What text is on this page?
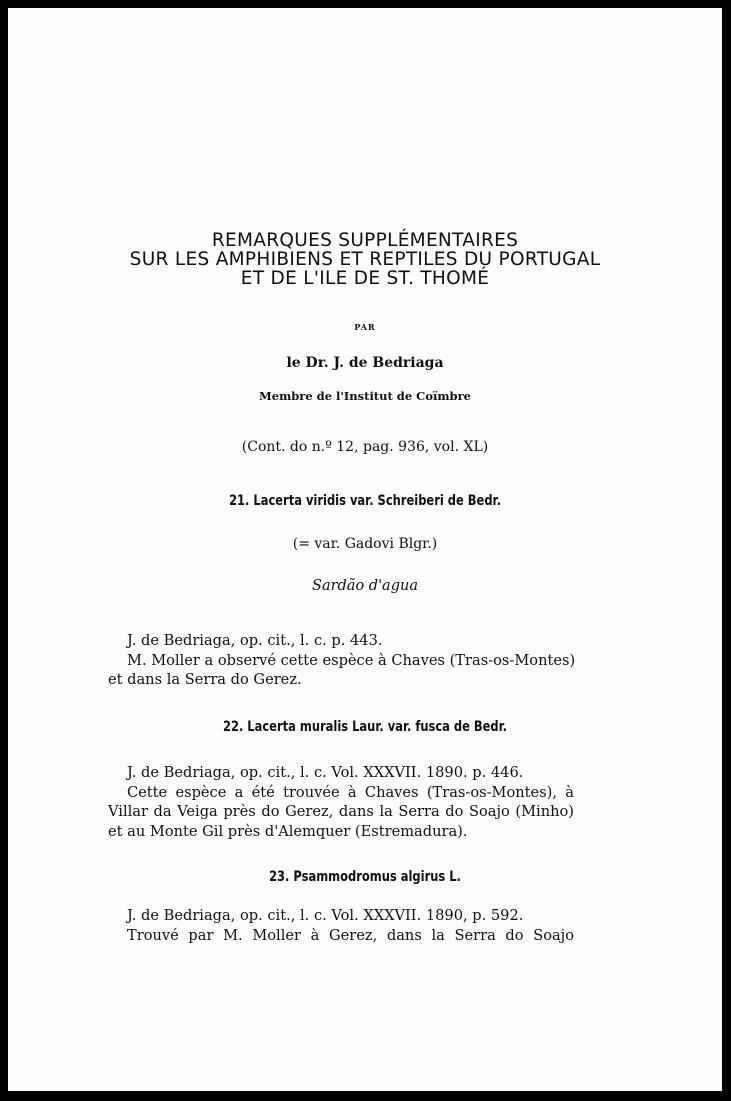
REMARQUES SUPPLÉMENTAIRES
SUR LES AMPHIBIENS ET REPTILES DU PORTUGAL
ET DE L'ILE DE ST. THOMÉ
PAR
le Dr. J. de Bedriaga
Membre de l'Institut de Coïmbre
(Cont. do n.º 12, pag. 936, vol. XL)
21. Lacerta viridis var. Schreiberi de Bedr.
(= var. Gadovi Blgr.)
Sardão d'agua
J. de Bedriaga, op. cit., l. c. p. 443.
M. Moller a observé cette espèce à Chaves (Tras-os-Montes)
et dans la Serra do Gerez.
22. Lacerta muralis Laur. var. fusca de Bedr.
J. de Bedriaga, op. cit., l. c. Vol. XXXVII. 1890. p. 446.
Cette espèce a été trouvée à Chaves (Tras-os-Montes), à
Villar da Veiga près do Gerez, dans la Serra do Soajo (Minho)
et au Monte Gil près d'Alemquer (Estremadura).
23. Psammodromus algirus L.
J. de Bedriaga, op. cit., l. c. Vol. XXXVII. 1890, p. 592.
Trouvé par M. Moller à Gerez, dans la Serra do Soajo
